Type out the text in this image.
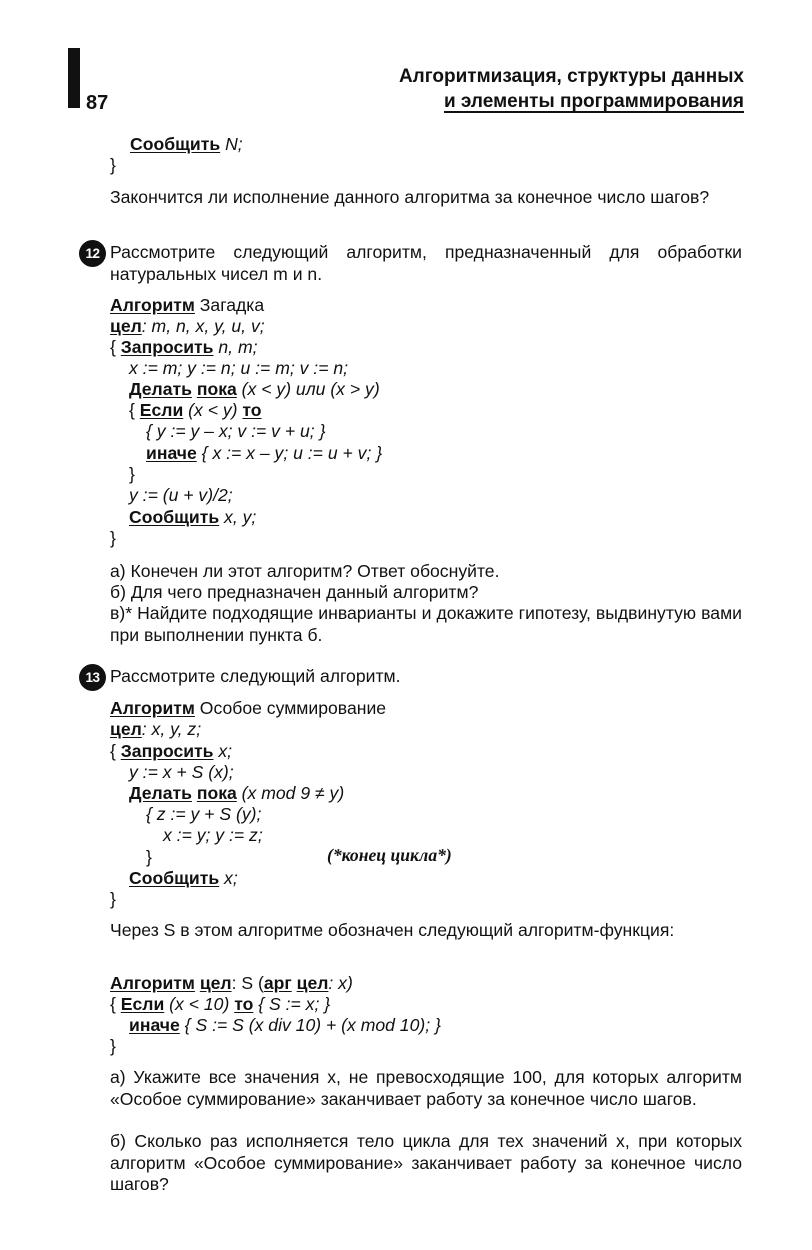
87
Алгоритмизация, структуры данных
и элементы программирования
Сообщить N;
}
Закончится ли исполнение данного алгоритма за конечное число шагов?
12 Рассмотрите следующий алгоритм, предназначенный для обработки натуральных чисел m и n.
Алгоритм Загадка
цел: m, n, x, y, u, v;
{ Запросить n, m;
x := m; y := n; u := m; v := n;
Делать пока (x < y) или (x > y)
{ Если (x < y) то
{ y := y – x; v := v + u; }
иначе { x := x – y; u := u + v; }
}
y := (u + v)/2;
Сообщить x, y;
}
а) Конечен ли этот алгоритм? Ответ обоснуйте.
б) Для чего предназначен данный алгоритм?
в)* Найдите подходящие инварианты и докажите гипотезу, выдвинутую вами при выполнении пункта б.
13 Рассмотрите следующий алгоритм.
Алгоритм Особое суммирование
цел: x, y, z;
{ Запросить x;
y := x + S (x);
Делать пока (x mod 9 ≠ y)
{ z := y + S (y);
x := y; y := z;
}	(*конец цикла*)
Сообщить x;
}
Через S в этом алгоритме обозначен следующий алгоритм-функция:
Алгоритм цел: S (арг цел: x)
{ Если (x < 10) то { S := x; }
иначе { S := S (x div 10) + (x mod 10); }
}
а) Укажите все значения x, не превосходящие 100, для которых алгоритм «Особое суммирование» заканчивает работу за конечное число шагов.
б) Сколько раз исполняется тело цикла для тех значений x, при которых алгоритм «Особое суммирование» заканчивает работу за конечное число шагов?
